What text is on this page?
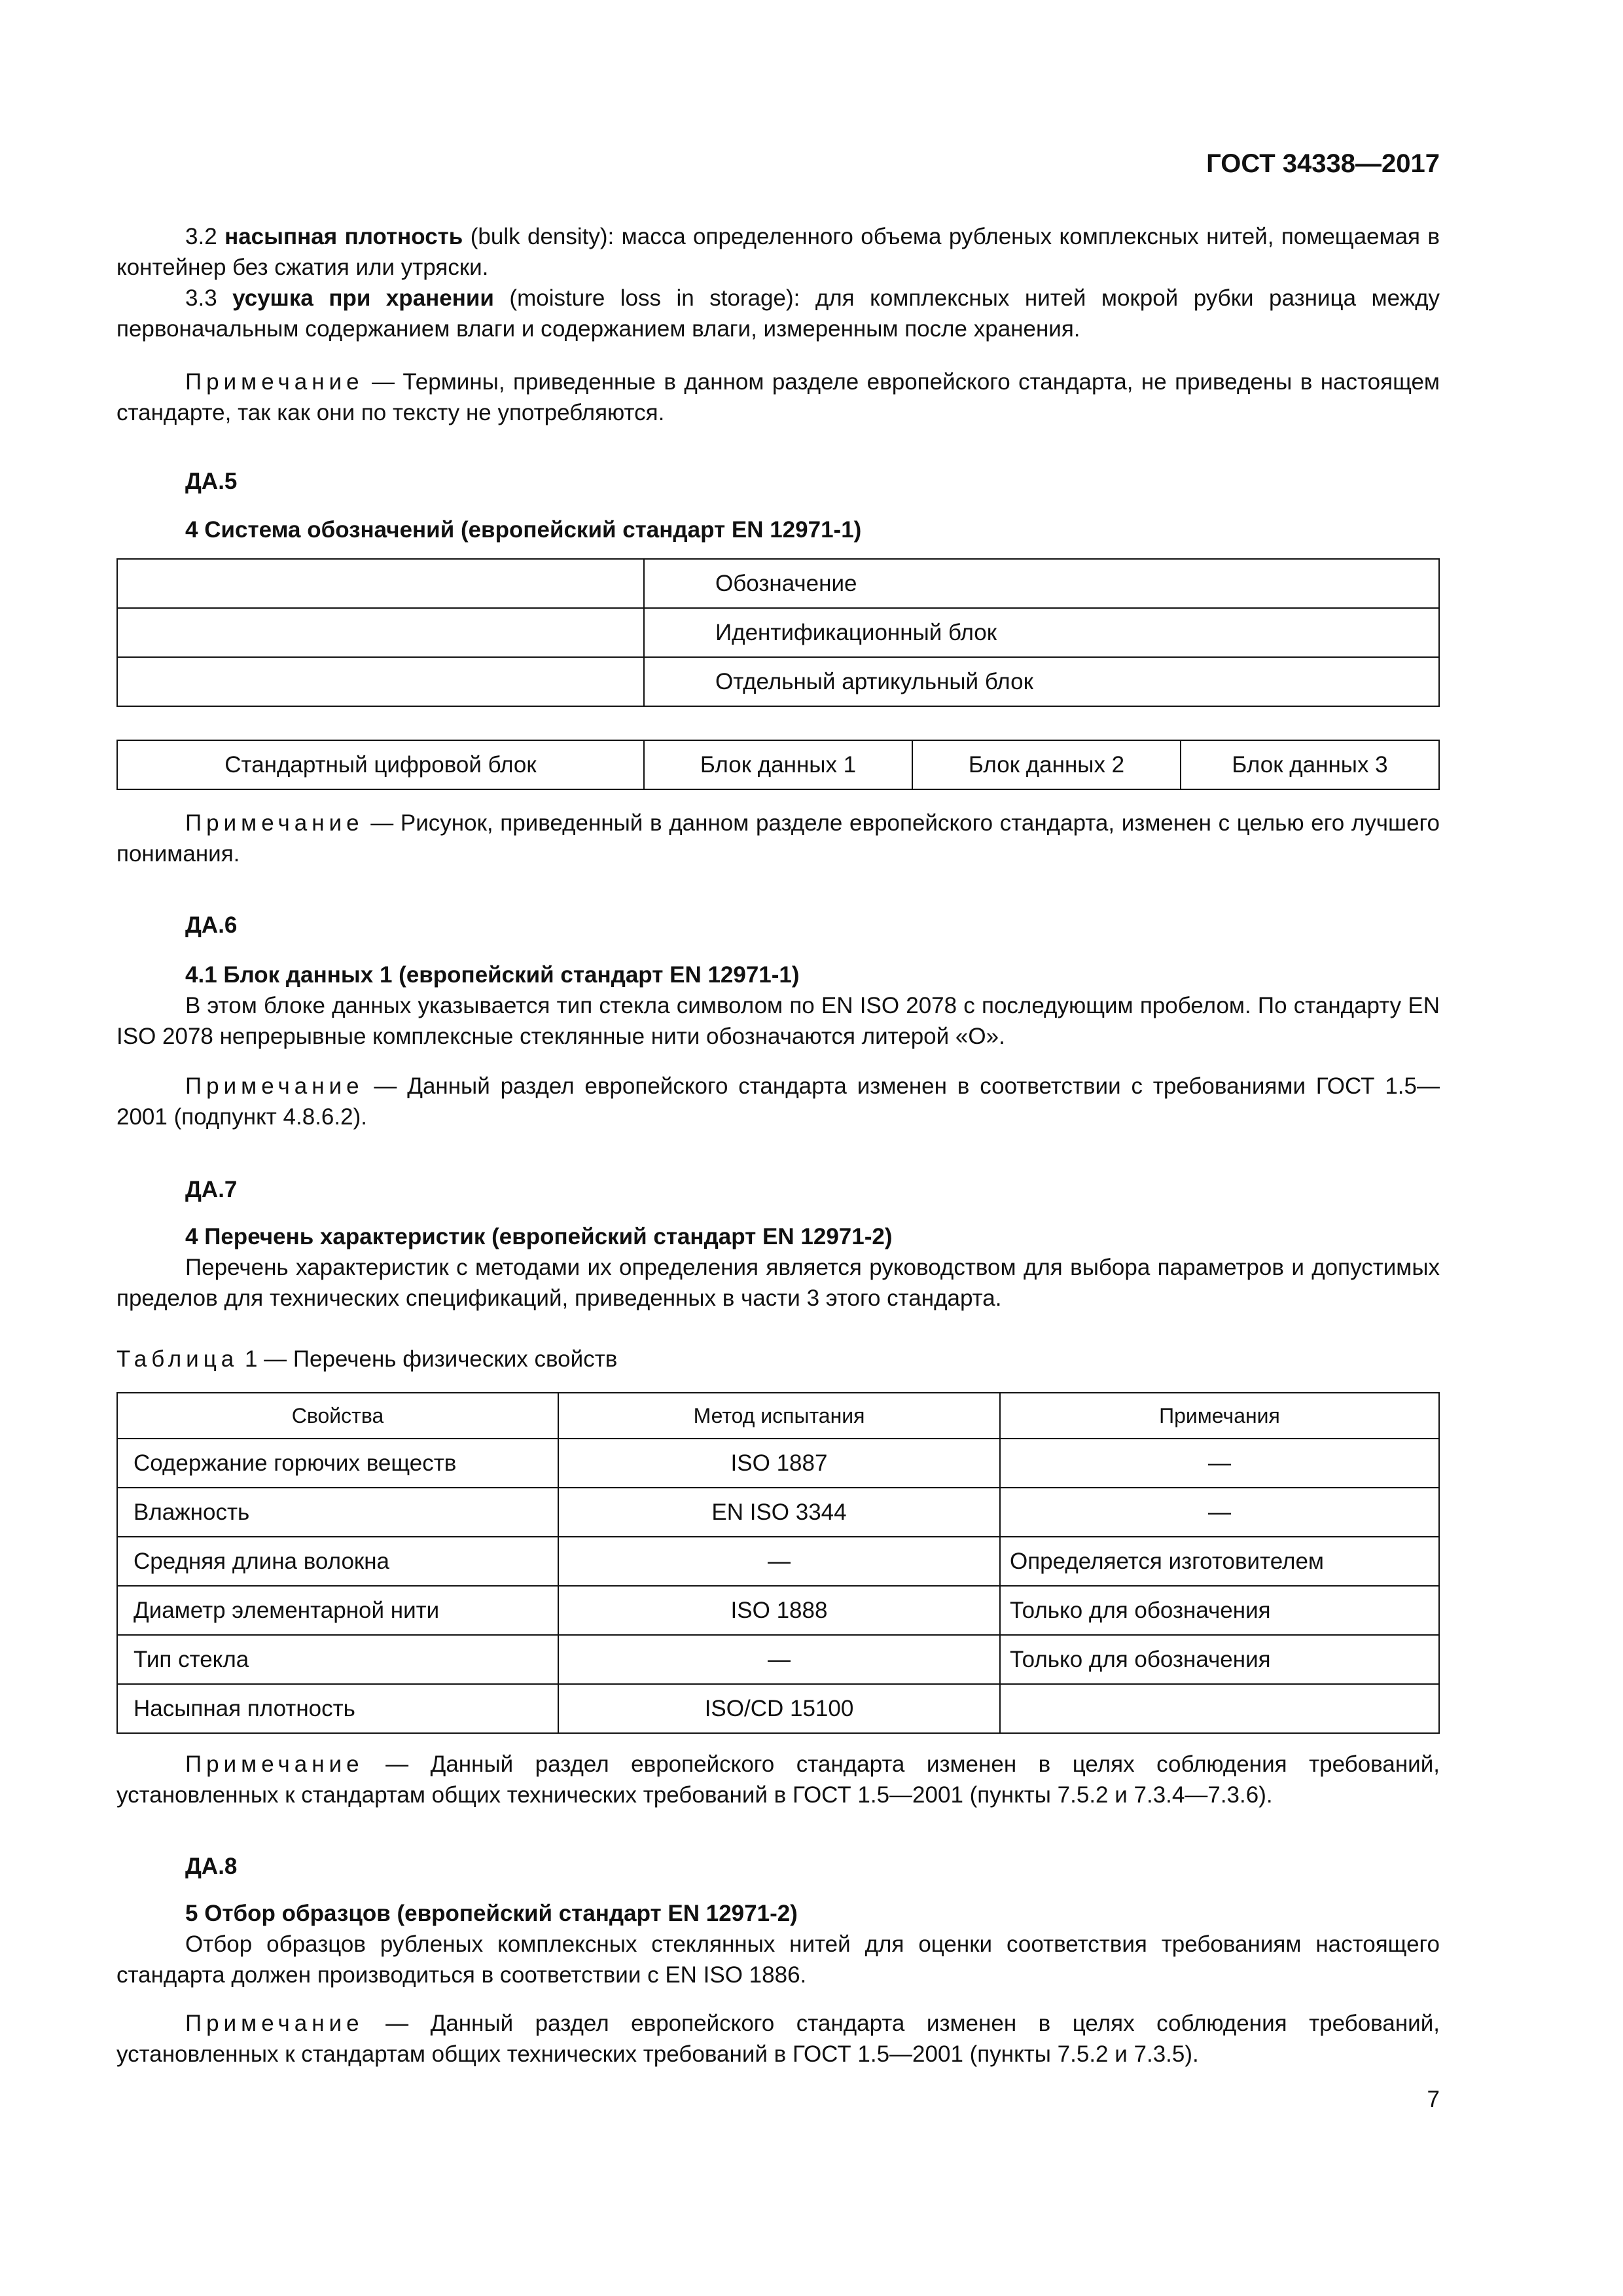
ГОСТ 34338—2017

3.2 насыпная плотность (bulk density): масса определенного объема рубленых комплексных нитей, помещаемая в контейнер без сжатия или утряски.

3.3 усушка при хранении (moisture loss in storage): для комплексных нитей мокрой рубки разница между первоначальным содержанием влаги и содержанием влаги, измеренным после хранения.

Примечание — Термины, приведенные в данном разделе европейского стандарта, не приведены в настоящем стандарте, так как они по тексту не употребляются.

ДА.5

4 Система обозначений (европейский стандарт EN 12971-1)

	Обозначение
	Идентификационный блок
	Отдельный артикульный блок
Стандартный цифровой блок	Блок данных 1	Блок данных 2	Блок данных 3

Примечание — Рисунок, приведенный в данном разделе европейского стандарта, изменен с целью его лучшего понимания.

ДА.6

4.1 Блок данных 1 (европейский стандарт EN 12971-1)

В этом блоке данных указывается тип стекла символом по EN ISO 2078 с последующим пробелом. По стандарту EN ISO 2078 непрерывные комплексные стеклянные нити обозначаются литерой «О».

Примечание — Данный раздел европейского стандарта изменен в соответствии с требованиями ГОСТ 1.5—2001 (подпункт 4.8.6.2).

ДА.7

4 Перечень характеристик (европейский стандарт EN 12971-2)

Перечень характеристик с методами их определения является руководством для выбора параметров и допустимых пределов для технических спецификаций, приведенных в части 3 этого стандарта.

Таблица 1 — Перечень физических свойств

Свойства	Метод испытания	Примечания
Содержание горючих веществ	ISO 1887	—
Влажность	EN ISO 3344	—
Средняя длина волокна	—	Определяется изготовителем
Диаметр элементарной нити	ISO 1888	Только для обозначения
Тип стекла	—	Только для обозначения
Насыпная плотность	ISO/CD 15100	

Примечание — Данный раздел европейского стандарта изменен в целях соблюдения требований, установленных к стандартам общих технических требований в ГОСТ 1.5—2001 (пункты 7.5.2 и 7.3.4—7.3.6).

ДА.8

5 Отбор образцов (европейский стандарт EN 12971-2)

Отбор образцов рубленых комплексных стеклянных нитей для оценки соответствия требованиям настоящего стандарта должен производиться в соответствии с EN ISO 1886.

Примечание — Данный раздел европейского стандарта изменен в целях соблюдения требований, установленных к стандартам общих технических требований в ГОСТ 1.5—2001 (пункты 7.5.2 и 7.3.5).

7
